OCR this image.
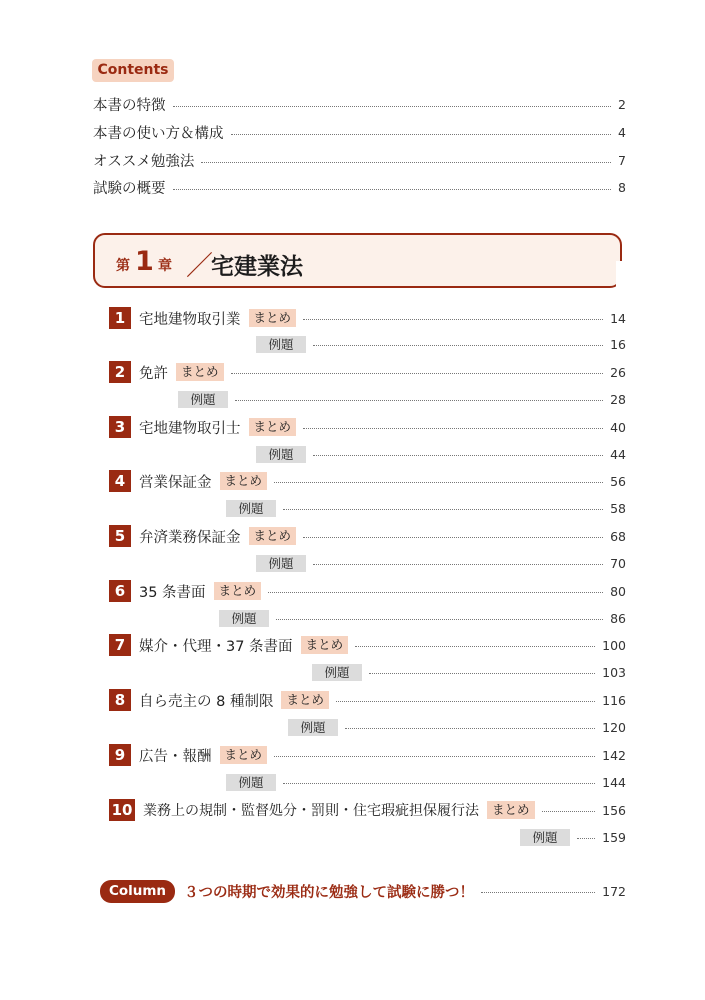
Contents
本書の特徴	2
本書の使い方＆構成	4
オススメ勉強法	7
試験の概要	8
第 1 章 ／
宅建業法
1 宅地建物取引業	まとめ	14
例題	16
2 免許	まとめ	26
例題	28
3 宅地建物取引士	まとめ	40
例題	44
4 営業保証金	まとめ	56
例題	58
5 弁済業務保証金	まとめ	68
例題	70
6 35 条書面	まとめ	80
例題	86
7 媒介・代理・37 条書面	まとめ	100
例題	103
8 自ら売主の 8 種制限	まとめ	116
例題	120
9 広告・報酬	まとめ	142
例題	144
10 業務上の規制・監督処分・罰則・住宅瑕疵担保履行法	まとめ	156
例題	159
Column	３つの時期で効果的に勉強して試験に勝つ！	172
